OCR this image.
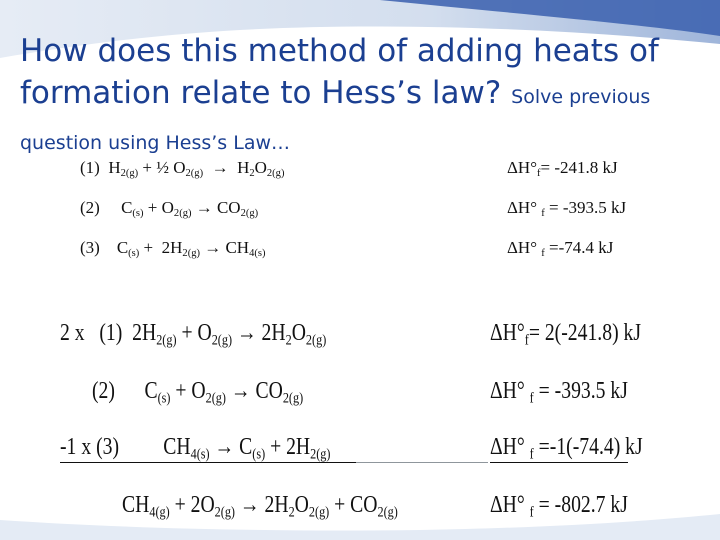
How does this method of adding heats of formation relate to Hess’s law? Solve previous question using Hess’s Law…
(1)  $H_{2(g)}$ + ½ $O_{2(g)} \to H_2O_{2(g)}$	$\Delta H^\circ_f= -241.8$ kJ
(2)     $C_{(s)} + O_{2(g)} \to CO_{2(g)}$	ΔH° $_f$ = -393.5 kJ
(3)    $C_{(s)} + 2H_{2(g)} \to CH_{4(s)}$	ΔH° $_f$ =-74.4 kJ
2 x   (1)  $2H_{2(g)} + O_{2(g)} \to 2H_2O_{2(g)}$	$\Delta H^\circ_f= 2(-241.8)$ kJ
(2)      $C_{(s)} + O_{2(g)} \to CO_{2(g)}$	ΔH° $_f$ = -393.5 kJ
-1 x (3)         $CH_{4(s)} \to C_{(s)} + 2H_{2(g)}$	ΔH° $_f$ =-1(-74.4) kJ
$CH_{4(g)} + 2O_{2(g)} \to 2H_2O_{2(g)} + CO_{2(g)}$	ΔH° $_f$ = -802.7 kJ
